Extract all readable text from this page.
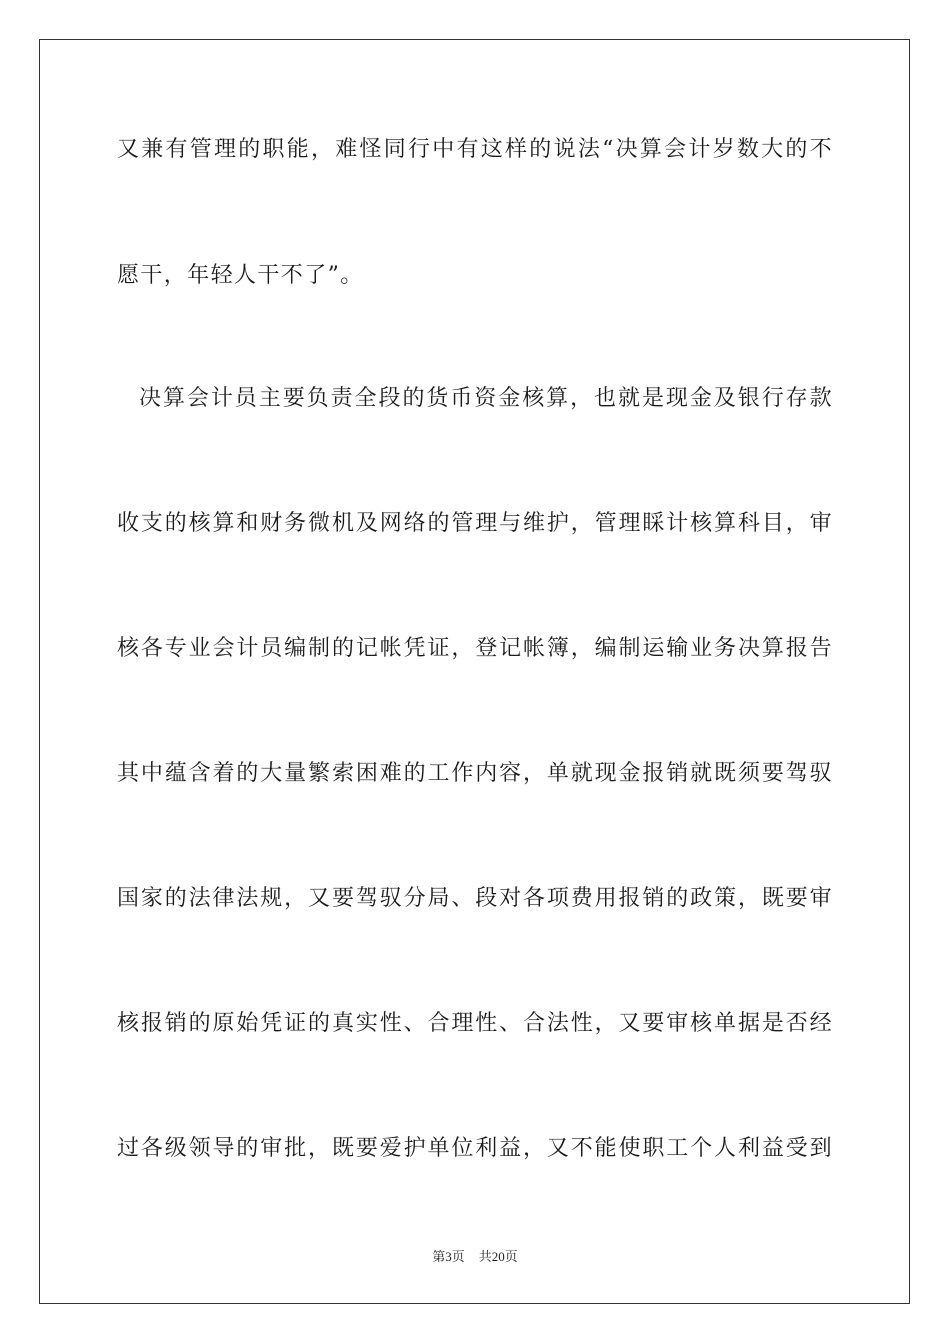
又兼有管理的职能，难怪同行中有这样的说法“决算会计岁数大的不
愿干，年轻人干不了”。
决算会计员主要负责全段的货币资金核算，也就是现金及银行存款
收支的核算和财务微机及网络的管理与维护，管理睬计核算科目，审
核各专业会计员编制的记帐凭证，登记帐簿，编制运输业务决算报告
其中蕴含着的大量繁索困难的工作内容，单就现金报销就既须要驾驭
国家的法律法规，又要驾驭分局、段对各项费用报销的政策，既要审
核报销的原始凭证的真实性、合理性、合法性，又要审核单据是否经
过各级领导的审批，既要爱护单位利益，又不能使职工个人利益受到
第3页 共20页
